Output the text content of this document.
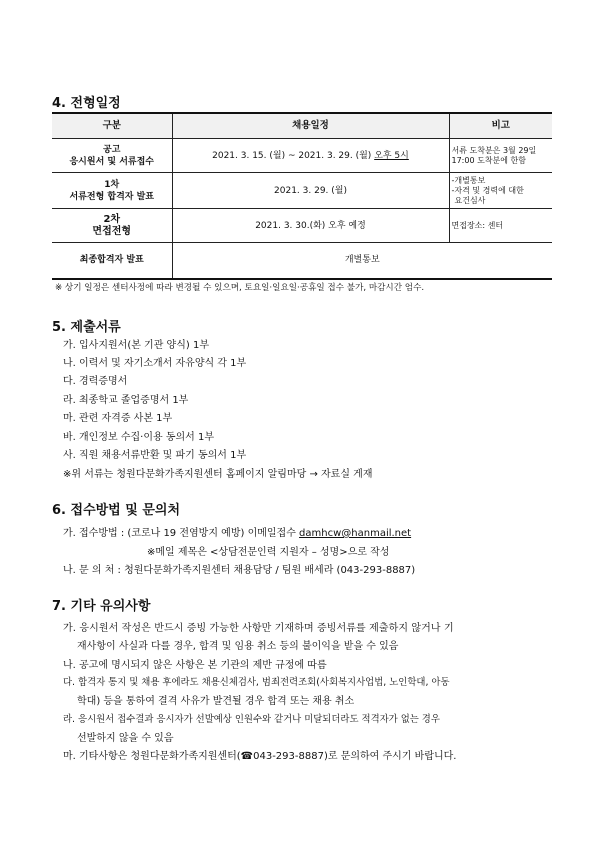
4. 전형일정
구분	채용일정	비고

공고
응시원서 및 서류접수	2021. 3. 15. (월) ~ 2021. 3. 29. (월) 오후 5시	서류 도착분은 3월 29일
17:00 도착분에 한함

1차
서류전형 합격자 발표	2021. 3. 29. (월)	-개별통보
-자격 및 경력에 대한
요건심사

2차
면접전형	2021. 3. 30.(화) 오후 예정	면접장소: 센터
최종합격자 발표	개별통보	
※ 상기 일정은 센터사정에 따라 변경될 수 있으며, 토요일·일요일·공휴일 접수 불가, 마감시간 엄수.
5. 제출서류
가. 입사지원서(본 기관 양식) 1부
나. 이력서 및 자기소개서 자유양식 각 1부
다. 경력증명서
라. 최종학교 졸업증명서 1부
마. 관련 자격증 사본 1부
바. 개인정보 수집·이용 동의서 1부
사. 직원 채용서류반환 및 파기 동의서 1부
※위 서류는 청원다문화가족지원센터 홈페이지 알림마당 → 자료실 게재
6. 접수방법 및 문의처
가. 접수방법 : (코로나 19 전염방지 예방) 이메일접수 damhcw@hanmail.net
※메일 제목은 <상담전문인력 지원자 – 성명>으로 작성
나. 문 의 처 : 청원다문화가족지원센터 채용담당 / 팀원 배세라 (043-293-8887)
7. 기타 유의사항
가. 응시원서 작성은 반드시 증빙 가능한 사항만 기재하며 증빙서류를 제출하지 않거나 기
재사항이 사실과 다를 경우, 합격 및 임용 취소 등의 불이익을 받을 수 있음
나. 공고에 명시되지 않은 사항은 본 기관의 제반 규정에 따름
다. 합격자 통지 및 채용 후에라도 채용신체검사, 범죄전력조회(사회복지사업법, 노인학대, 아동
학대) 등을 통하여 결격 사유가 발견될 경우 합격 또는 채용 취소
라. 응시원서 접수결과 응시자가 선발예상 인원수와 같거나 미달되더라도 적격자가 없는 경우
선발하지 않을 수 있음
마. 기타사항은 청원다문화가족지원센터(☎043-293-8887)로 문의하여 주시기 바랍니다.
